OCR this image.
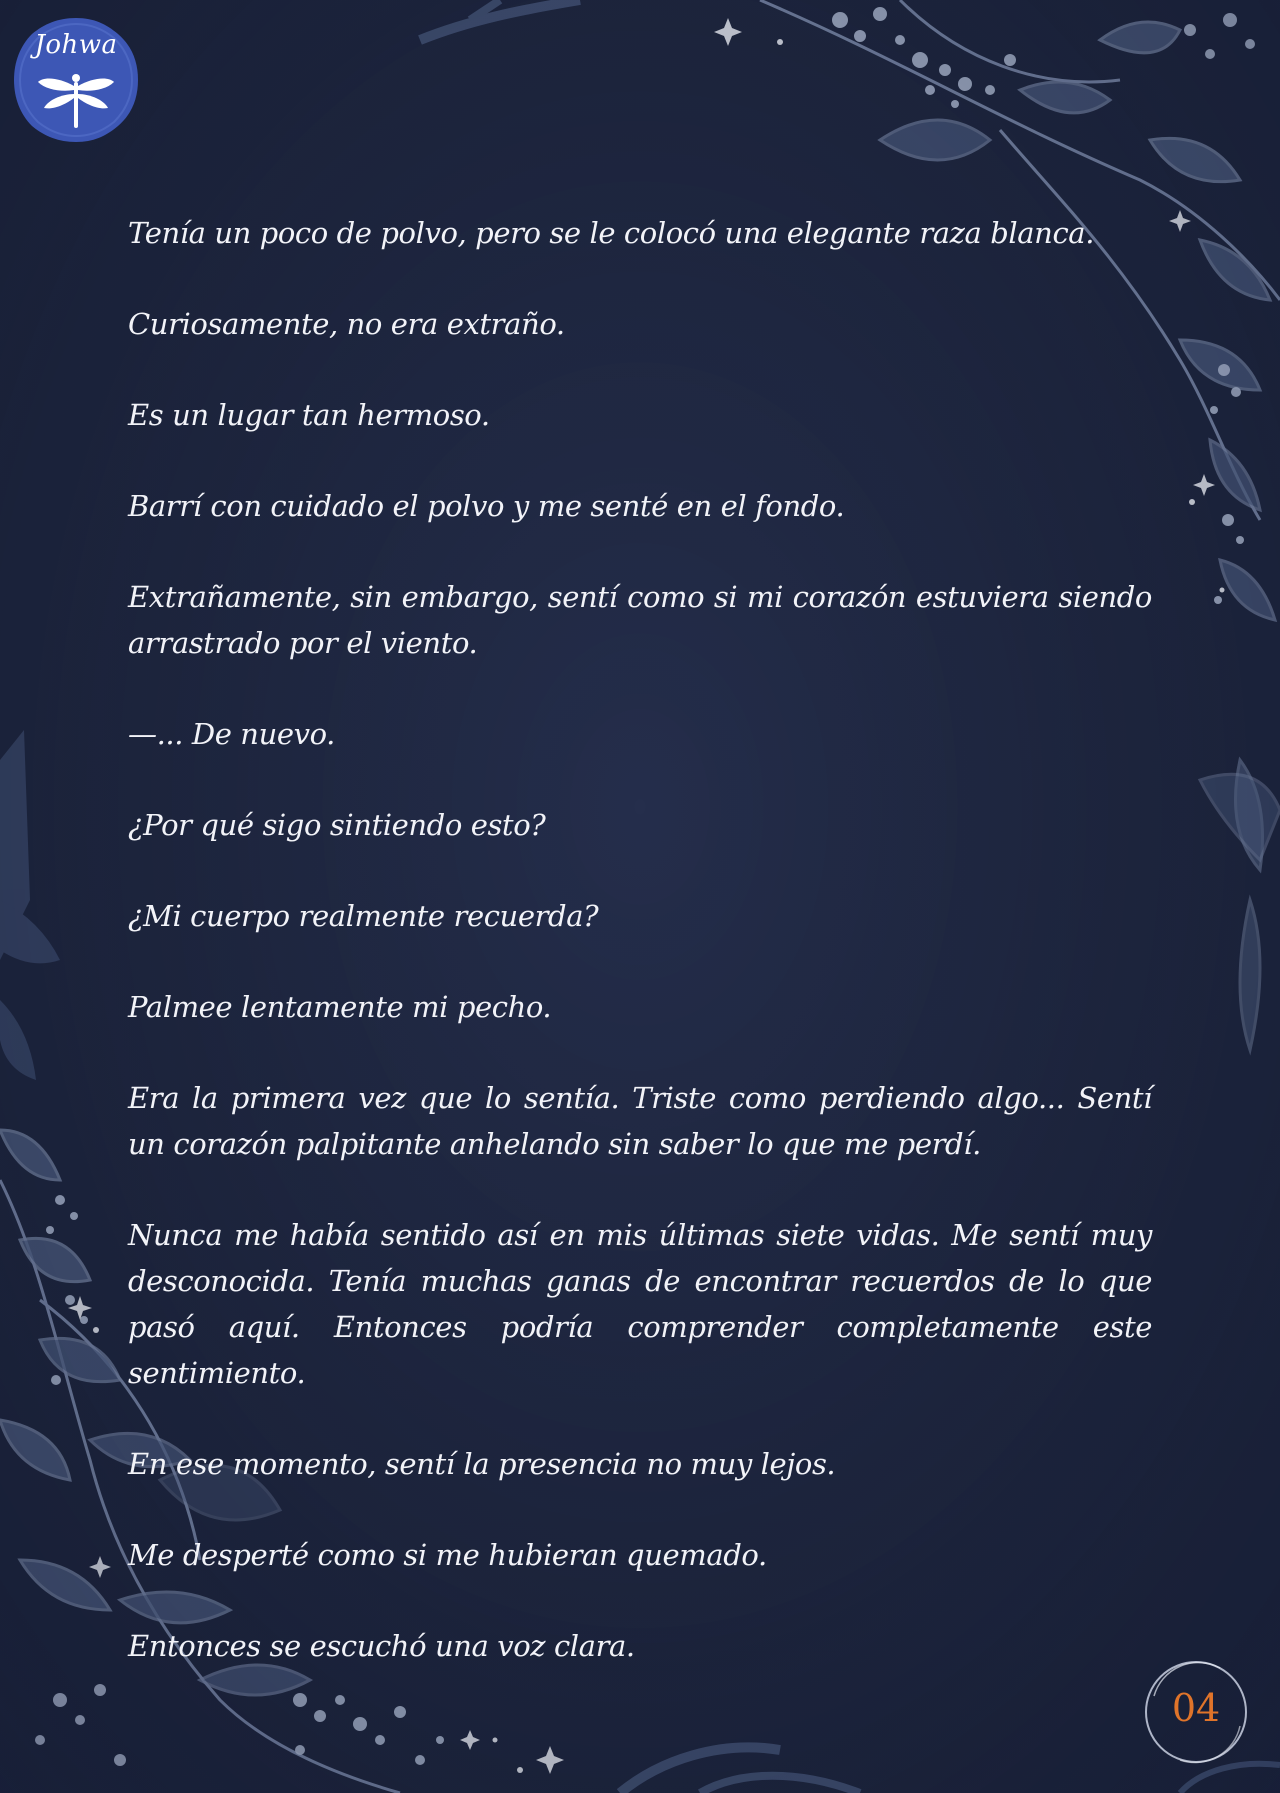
Johwa

Tenía un poco de polvo, pero se le colocó una elegante raza blanca.

Curiosamente, no era extraño.

Es un lugar tan hermoso.

Barrí con cuidado el polvo y me senté en el fondo.

Extrañamente, sin embargo, sentí como si mi corazón estuviera siendo arrastrado por el viento.

—... De nuevo.

¿Por qué sigo sintiendo esto?

¿Mi cuerpo realmente recuerda?

Palmee lentamente mi pecho.

Era la primera vez que lo sentía. Triste como perdiendo algo... Sentí un corazón palpitante anhelando sin saber lo que me perdí.

Nunca me había sentido así en mis últimas siete vidas. Me sentí muy desconocida. Tenía muchas ganas de encontrar recuerdos de lo que pasó aquí. Entonces podría comprender completamente este sentimiento.

En ese momento, sentí la presencia no muy lejos.

Me desperté como si me hubieran quemado.

Entonces se escuchó una voz clara.

04
